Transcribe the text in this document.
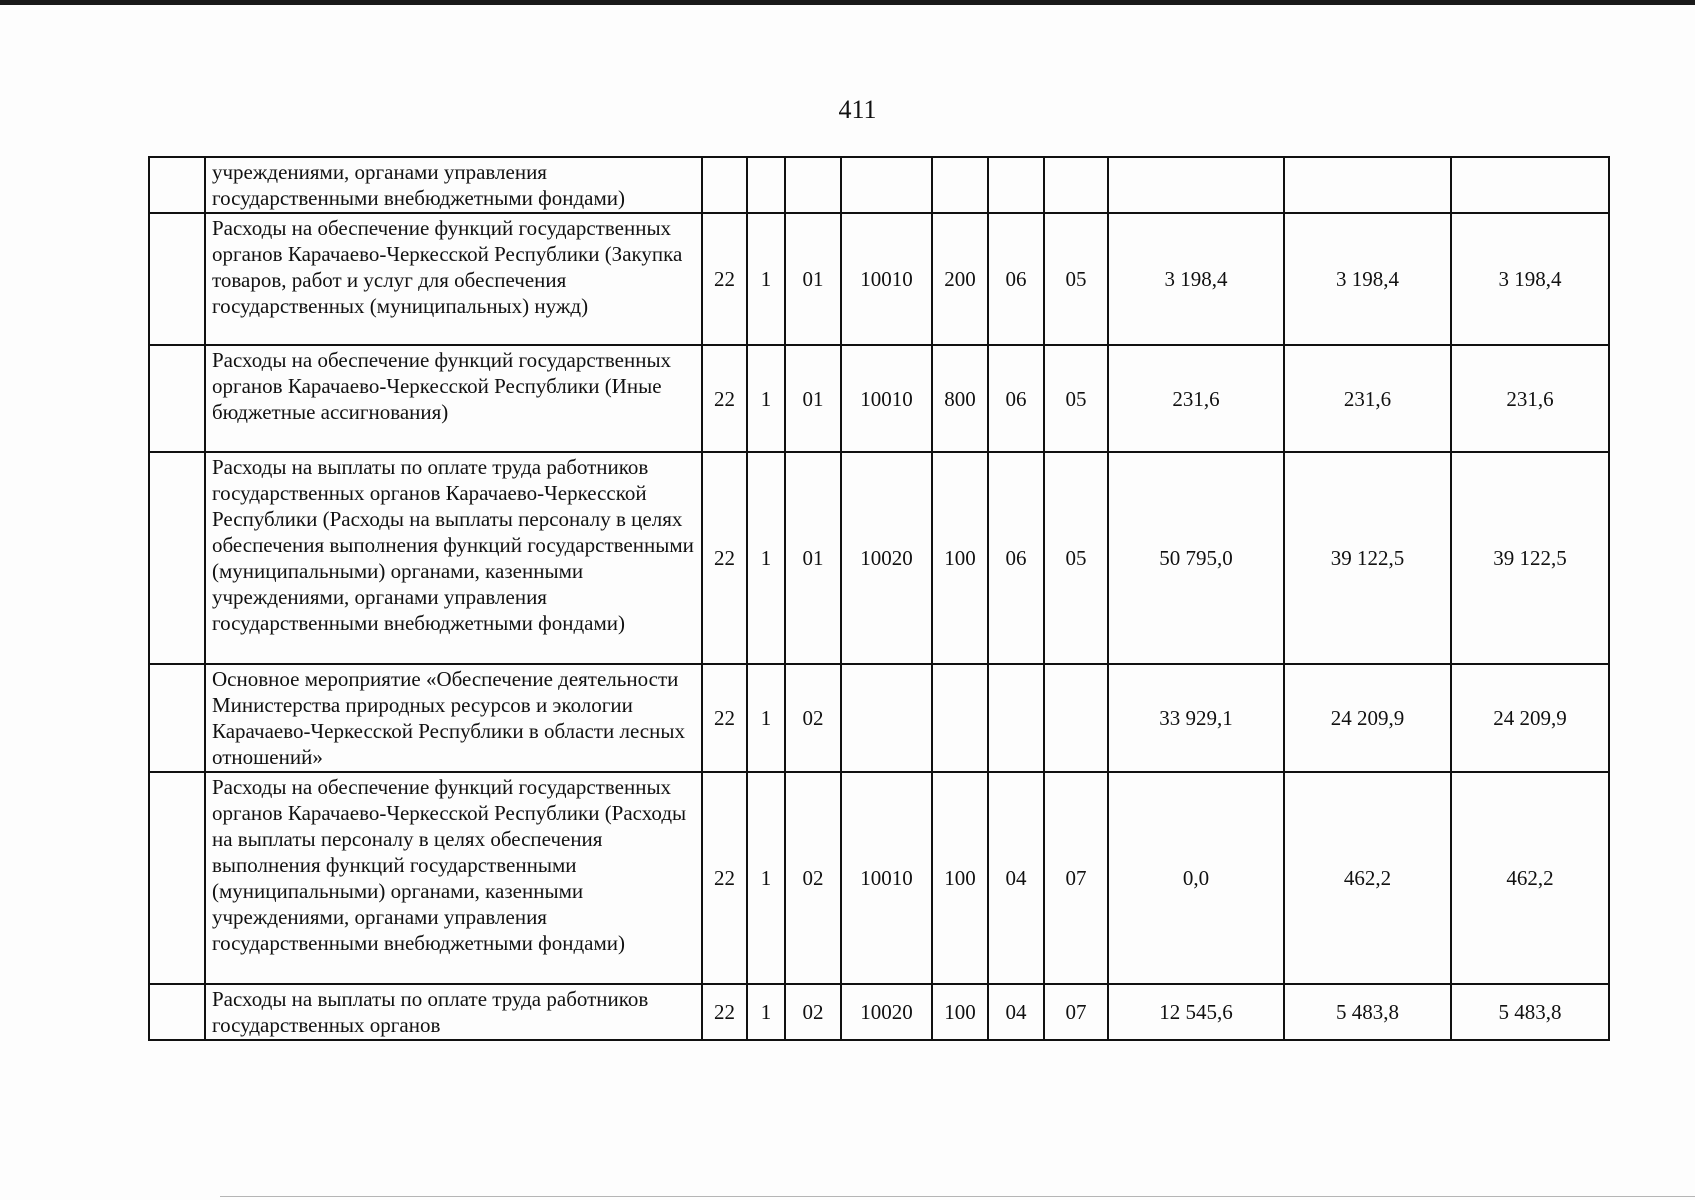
411
	учреждениями, органами управления государственными внебюджетными фондами)										
	Расходы на обеспечение функций государственных органов Карачаево-Черкесской Республики (Закупка товаров, работ и услуг для обеспечения государственных (муниципальных) нужд)	22	1	01	10010	200	06	05	3 198,4	3 198,4	3 198,4
	Расходы на обеспечение функций государственных органов Карачаево-Черкесской Республики (Иные бюджетные ассигнования)	22	1	01	10010	800	06	05	231,6	231,6	231,6
	Расходы на выплаты по оплате труда работников государственных органов Карачаево-Черкесской Республики (Расходы на выплаты персоналу в целях обеспечения выполнения функций государственными (муниципальными) органами, казенными учреждениями, органами управления государственными внебюджетными фондами)	22	1	01	10020	100	06	05	50 795,0	39 122,5	39 122,5
	Основное мероприятие «Обеспечение деятельности Министерства природных ресурсов и экологии Карачаево-Черкесской Республики в области лесных отношений»	22	1	02					33 929,1	24 209,9	24 209,9
	Расходы на обеспечение функций государственных органов Карачаево-Черкесской Республики (Расходы на выплаты персоналу в целях обеспечения выполнения функций государственными (муниципальными) органами, казенными учреждениями, органами управления государственными внебюджетными фондами)	22	1	02	10010	100	04	07	0,0	462,2	462,2
	Расходы на выплаты по оплате труда работников государственных органов	22	1	02	10020	100	04	07	12 545,6	5 483,8	5 483,8
